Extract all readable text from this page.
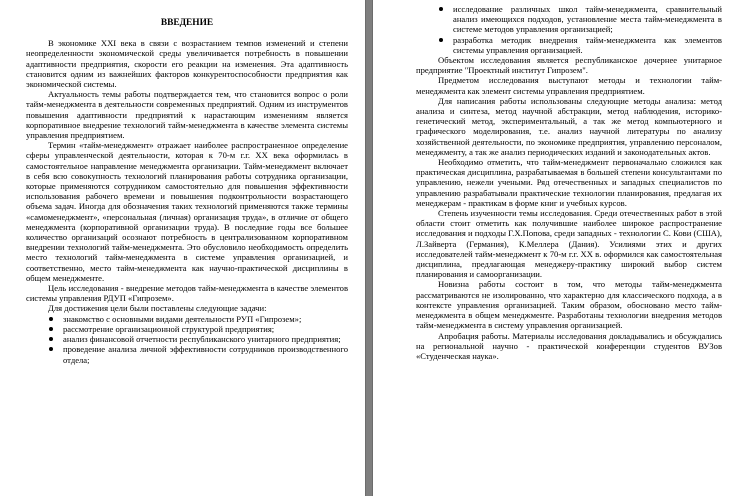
ВВЕДЕНИЕ

В экономике XXI века в связи с возрастанием темпов изменений и степени неопределенности экономической среды увеличивается потребность в повышении адаптивности предприятия, скорости его реакции на изменения. Эта адаптивность становится одним из важнейших факторов конкурентоспособности предприятия как экономической системы.

Актуальность темы работы подтверждается тем, что становится вопрос о роли тайм-менеджмента в деятельности современных предприятий. Одним из инструментов повышения адаптивности предприятий к нарастающим изменениям является корпоративное внедрение технологий тайм-менеджмента в качестве элемента системы управления предприятием.

Термин «тайм-менеджмент» отражает наиболее распространенное определение сферы управленческой деятельности, которая к 70-м г.г. XX века оформилась в самостоятельное направление менеджмента организации. Тайм-менеджмент включает в себя всю совокупность технологий планирования работы сотрудника организации, которые применяются сотрудником самостоятельно для повышения эффективности использования рабочего времени и повышения подконтрольности возрастающего объема задач. Иногда для обозначения таких технологий применяются также термины «самоменеджмент», «персональная (личная) организация труда», в отличие от общего менеджмента (корпоративной организации труда). В последние годы все большее количество организаций осознают потребность в централизованном корпоративном внедрении технологий тайм-менеджмента. Это обусловило необходимость определить место технологий тайм-менеджмента в системе управления организацией, и соответственно, место тайм-менеджмента как научно-практической дисциплины в общем менеджменте.

Цель исследования - внедрение методов тайм-менеджмента в качестве элементов системы управления РДУП «Гипрозем».

Для достижения цели были поставлены следующие задачи:

знакомство с основными видами деятельности РУП «Гипрозем»;
рассмотрение организационной структурой предприятия;
анализ финансовой отчетности республиканского унитарного предприятия;
проведение анализа личной эффективности сотрудников производственного отдела;
исследование различных школ тайм-менеджмента, сравнительный анализ имеющихся подходов, установление места тайм-менеджмента в системе методов управления организацией;
разработка методик внедрения тайм-менеджмента как элементов системы управления организацией.

Объектом исследования является республиканское дочернее унитарное предприятие "Проектный институт Гипрозем".

Предметом исследования выступают методы и технологии тайм-менеджмента как элемент системы управления предприятием.

Для написания работы использованы следующие методы анализа: метод анализа и синтеза, метод научной абстракции, метод наблюдения, историко-генетический метод, экспериментальный, а так же метод компьютерного и графического моделирования, т.е. анализ научной литературы по анализу хозяйственной деятельности, по экономике предприятия, управлению персоналом, менеджменту, а так же анализ периодических изданий и законодательных актов.

Необходимо отметить, что тайм-менеджмент первоначально сложился как практическая дисциплина, разрабатываемая в большей степени консультантами по управлению, нежели учеными. Ряд отечественных и западных специалистов по управлению разрабатывали практические технологии планирования, предлагая их менеджерам - практикам в форме книг и учебных курсов.

Степень изученности темы исследования. Среди отечественных работ в этой области стоит отметить как получившие наиболее широкое распространение исследования и подходы Г.Х.Попова, среди западных - технологии С. Кови (США), Л.Зайверта (Германия), К.Меллера (Дания). Усилиями этих и других исследователей тайм-менеджмент к 70-м г.г. XX в. оформился как самостоятельная дисциплина, предлагающая менеджеру-практику широкий выбор систем планирования и самоорганизации.

Новизна работы состоит в том, что методы тайм-менеджмента рассматриваются не изолированно, что характерно для классического подхода, а в контексте управления организацией. Таким образом, обосновано место тайм-менеджмента в общем менеджменте. Разработаны технологии внедрения методов тайм-менеджмента в систему управления организацией.

Апробация работы. Материалы исследования докладывались и обсуждались на региональной научно - практической конференции студентов ВУЗов «Студенческая наука».
